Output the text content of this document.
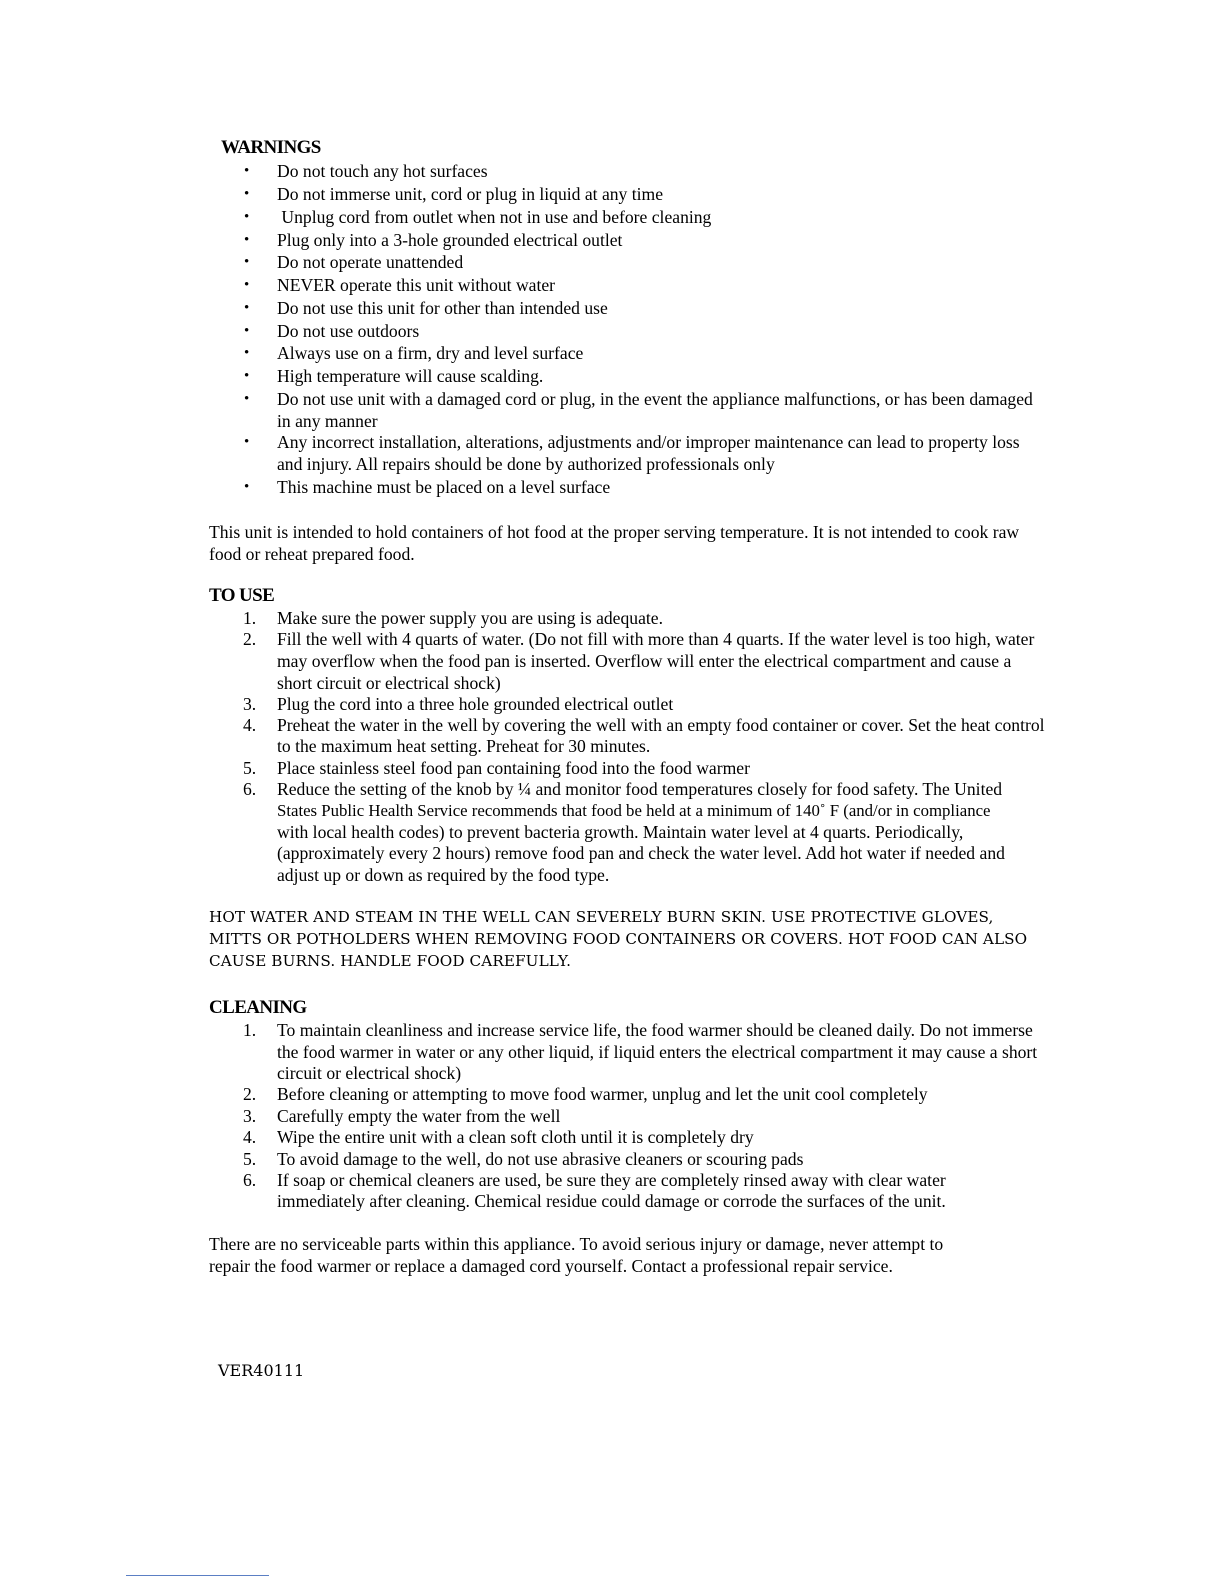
WARNINGS
• Do not touch any hot surfaces
• Do not immerse unit, cord or plug in liquid at any time
• Unplug cord from outlet when not in use and before cleaning
• Plug only into a 3-hole grounded electrical outlet
• Do not operate unattended
• NEVER operate this unit without water
• Do not use this unit for other than intended use
• Do not use outdoors
• Always use on a firm, dry and level surface
• High temperature will cause scalding.
• Do not use unit with a damaged cord or plug, in the event the appliance malfunctions, or has been damaged
in any manner
• Any incorrect installation, alterations, adjustments and/or improper maintenance can lead to property loss
and injury. All repairs should be done by authorized professionals only
• This machine must be placed on a level surface
This unit is intended to hold containers of hot food at the proper serving temperature. It is not intended to cook raw
food or reheat prepared food.
TO USE
1. Make sure the power supply you are using is adequate.
2. Fill the well with 4 quarts of water. (Do not fill with more than 4 quarts. If the water level is too high, water
may overflow when the food pan is inserted. Overflow will enter the electrical compartment and cause a
short circuit or electrical shock)
3. Plug the cord into a three hole grounded electrical outlet
4. Preheat the water in the well by covering the well with an empty food container or cover. Set the heat control
to the maximum heat setting. Preheat for 30 minutes.
5. Place stainless steel food pan containing food into the food warmer
6. Reduce the setting of the knob by ¼ and monitor food temperatures closely for food safety. The United
States Public Health Service recommends that food be held at a minimum of 140˚ F (and/or in compliance
with local health codes) to prevent bacteria growth. Maintain water level at 4 quarts. Periodically,
(approximately every 2 hours) remove food pan and check the water level. Add hot water if needed and
adjust up or down as required by the food type.
HOT WATER AND STEAM IN THE WELL CAN SEVERELY BURN SKIN. USE PROTECTIVE GLOVES,
MITTS OR POTHOLDERS WHEN REMOVING FOOD CONTAINERS OR COVERS. HOT FOOD CAN ALSO
CAUSE BURNS. HANDLE FOOD CAREFULLY.
CLEANING
1. To maintain cleanliness and increase service life, the food warmer should be cleaned daily. Do not immerse
the food warmer in water or any other liquid, if liquid enters the electrical compartment it may cause a short
circuit or electrical shock)
2. Before cleaning or attempting to move food warmer, unplug and let the unit cool completely
3. Carefully empty the water from the well
4. Wipe the entire unit with a clean soft cloth until it is completely dry
5. To avoid damage to the well, do not use abrasive cleaners or scouring pads
6. If soap or chemical cleaners are used, be sure they are completely rinsed away with clear water
immediately after cleaning. Chemical residue could damage or corrode the surfaces of the unit.
There are no serviceable parts within this appliance. To avoid serious injury or damage, never attempt to
repair the food warmer or replace a damaged cord yourself. Contact a professional repair service.
VER40111
